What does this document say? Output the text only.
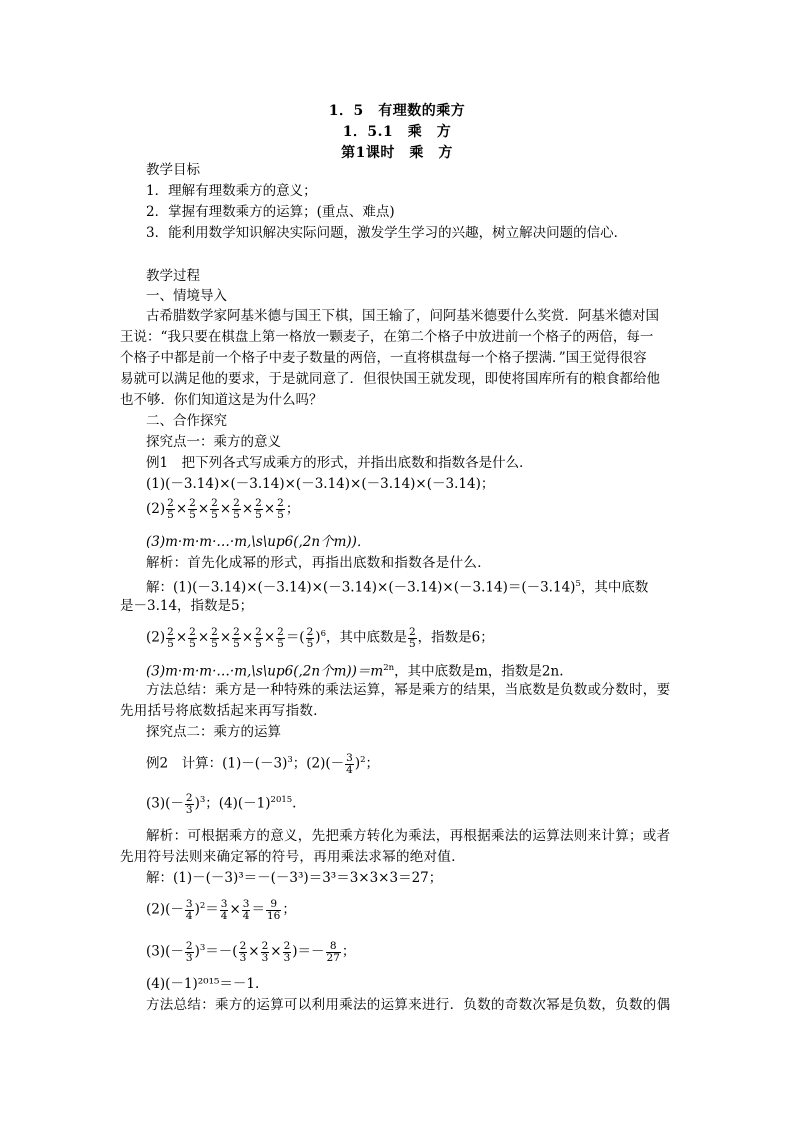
1．5　有理数的乘方
1．5.1　乘　方
第1课时　乘　方
教学目标
1．理解有理数乘方的意义；
2．掌握有理数乘方的运算；(重点、难点)
3．能利用数学知识解决实际问题，激发学生学习的兴趣，树立解决问题的信心．
教学过程
一、情境导入
古希腊数学家阿基米德与国王下棋，国王输了，问阿基米德要什么奖赏．阿基米德对国
王说：“我只要在棋盘上第一格放一颗麦子，在第二个格子中放进前一个格子的两倍，每一
个格子中都是前一个格子中麦子数量的两倍，一直将棋盘每一个格子摆满．”国王觉得很容
易就可以满足他的要求，于是就同意了．但很快国王就发现，即使将国库所有的粮食都给他
也不够．你们知道这是为什么吗？
二、合作探究
探究点一：乘方的意义
例1　把下列各式写成乘方的形式，并指出底数和指数各是什么．
(1)(－3.14)×(－3.14)×(－3.14)×(－3.14)×(－3.14)；
$(2) \frac{2}{5} \times \frac{2}{5} \times \frac{2}{5} \times \frac{2}{5} \times \frac{2}{5} \times \frac{2}{5}$ ；
(3)m·m·m·…·m,\s\up6(,2n个m))．
解析：首先化成幂的形式，再指出底数和指数各是什么．
解：$(1)(-3.14)\times(-3.14)\times(-3.14)\times(-3.14)\times(-3.14)=(-3.14)^5$，其中底数
是－3.14，指数是5；
$(2) \frac{2}{5} \times \frac{2}{5} \times \frac{2}{5} \times \frac{2}{5} \times \frac{2}{5} \times \frac{2}{5}$ ＝( $\frac{2}{5} )^6$，其中底数是 $\frac{2}{5}$ ，指数是6；
(3)m·m·m·…·m,\s\up6(,2n个$m))=m^{2n}$，其中底数是m，指数是2n.
方法总结：乘方是一种特殊的乘法运算，幂是乘方的结果，当底数是负数或分数时，要
先用括号将底数括起来再写指数．
探究点二：乘方的运算
例2　计算：$(1)-(-3)^3$；$(2)(- \frac{3}{4} )^2$；
$(3)(- \frac{2}{3} )^3$；$(4)(-1)^{2015}$.
解析：可根据乘方的意义，先把乘方转化为乘法，再根据乘法的运算法则来计算；或者
先用符号法则来确定幂的符号，再用乘法求幂的绝对值．
解：(1)－(－3)³＝－(－3³)＝3³＝3×3×3＝27；
$(2)(- \frac{3}{4} )^2= \frac{3}{4} \times \frac{3}{4} = \frac{9}{16}$ ；
$(3)(- \frac{2}{3} )^3=-( \frac{2}{3} \times \frac{2}{3} \times \frac{2}{3}$ )＝－ $\frac{8}{27}$ ；
(4)(－1)²⁰¹⁵＝－1.
方法总结：乘方的运算可以利用乘法的运算来进行．负数的奇数次幂是负数，负数的偶
